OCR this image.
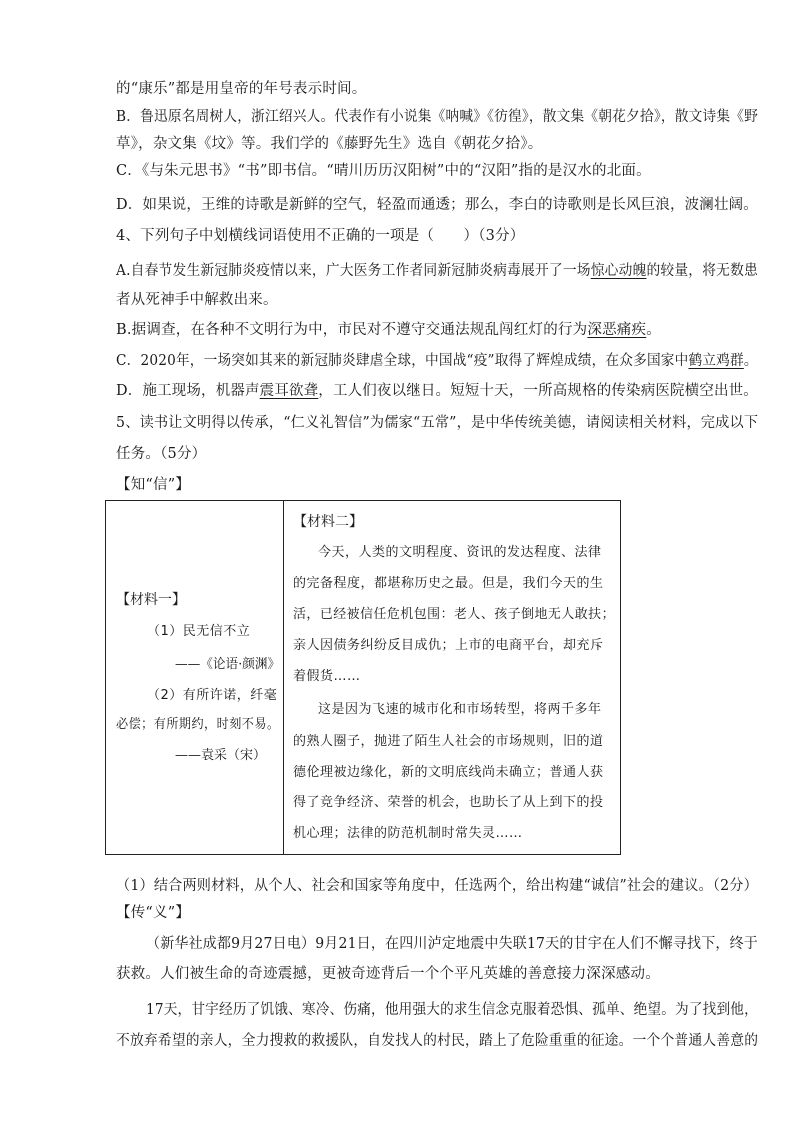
的“康乐”都是用皇帝的年号表示时间。
B．鲁迅原名周树人，浙江绍兴人。代表作有小说集《呐喊》《彷徨》，散文集《朝花夕拾》，散文诗集《野
草》，杂文集《坟》等。我们学的《藤野先生》选自《朝花夕拾》。
C．《与朱元思书》“书”即书信。“晴川历历汉阳树”中的“汉阳”指的是汉水的北面。
D．如果说，王维的诗歌是新鲜的空气，轻盈而通透；那么，李白的诗歌则是长风巨浪，波澜壮阔。
4、下列句子中划横线词语使用不正确的一项是（　　）（3分）
A.自春节发生新冠肺炎疫情以来，广大医务工作者同新冠肺炎病毒展开了一场惊心动魄的较量，将无数患
者从死神手中解救出来。
B.据调查，在各种不文明行为中，市民对不遵守交通法规乱闯红灯的行为深恶痛疾。
C．2020年，一场突如其来的新冠肺炎肆虐全球，中国战“疫”取得了辉煌成绩，在众多国家中鹤立鸡群。
D．施工现场，机器声震耳欲聋，工人们夜以继日。短短十天，一所高规格的传染病医院横空出世。
5、读书让文明得以传承，“仁义礼智信”为儒家“五常”，是中华传统美德，请阅读相关材料，完成以下
任务。（5分）
【知“信”】
【材料一】
（1）民无信不立
——《论语·颜渊》
（2）有所许诺，纤毫
必偿；有所期约，时刻不易。
——袁采（宋）
【材料二】
今天，人类的文明程度、资讯的发达程度、法律
的完备程度，都堪称历史之最。但是，我们今天的生
活，已经被信任危机包围：老人、孩子倒地无人敢扶；
亲人因债务纠纷反目成仇；上市的电商平台，却充斥
着假货……
这是因为飞速的城市化和市场转型，将两千多年
的熟人圈子，抛进了陌生人社会的市场规则，旧的道
德伦理被边缘化，新的文明底线尚未确立；普通人获
得了竞争经济、荣誉的机会，也助长了从上到下的投
机心理；法律的防范机制时常失灵……
（1）结合两则材料，从个人、社会和国家等角度中，任选两个，给出构建“诚信”社会的建议。（2分）
【传“义”】
（新华社成都9月27日电）9月21日，在四川泸定地震中失联17天的甘宇在人们不懈寻找下，终于
获救。人们被生命的奇迹震撼，更被奇迹背后一个个平凡英雄的善意接力深深感动。
17天，甘宇经历了饥饿、寒冷、伤痛，他用强大的求生信念克服着恐惧、孤单、绝望。为了找到他，
不放弃希望的亲人，全力搜救的救援队，自发找人的村民，踏上了危险重重的征途。一个个普通人善意的
